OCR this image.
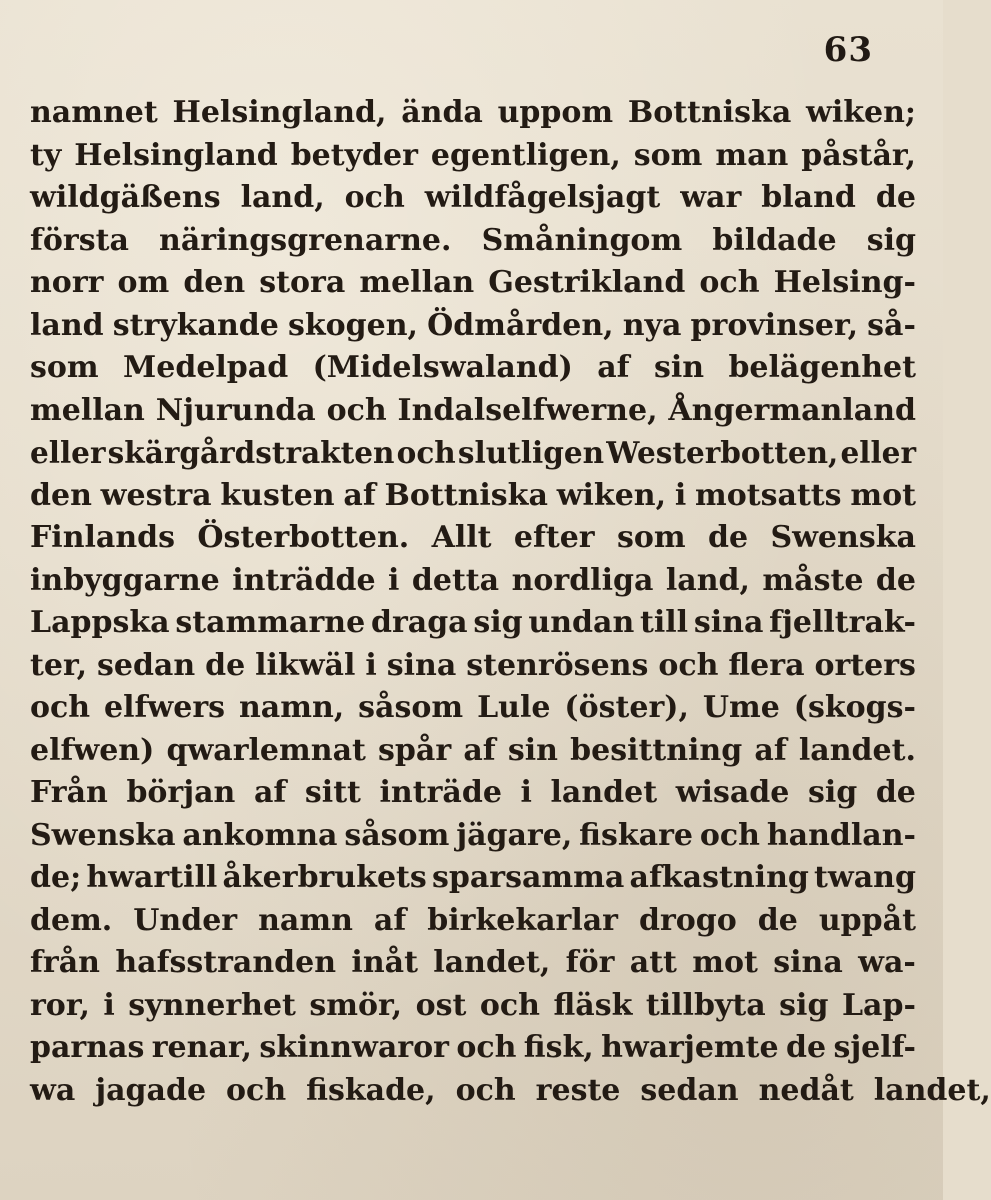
63
namnet Helsingland, ända uppom Bottniska wiken;
ty Helsingland betyder egentligen, som man påstår,
wildgäßens land, och wildfågelsjagt war bland de
första näringsgrenarne. Småningom bildade sig
norr om den stora mellan Gestrikland och Helsing-
land strykande skogen, Ödmården, nya provinser, så-
som Medelpad (Midelswaland) af sin belägenhet
mellan Njurunda och Indalselfwerne, Ångermanland
eller skärgårdstrakten och slutligen Westerbotten, eller
den westra kusten af Bottniska wiken, i motsatts mot
Finlands Österbotten. Allt efter som de Swenska
inbyggarne inträdde i detta nordliga land, måste de
Lappska stammarne draga sig undan till sina fjelltrak-
ter, sedan de likwäl i sina stenrösens och flera orters
och elfwers namn, såsom Lule (öster), Ume (skogs-
elfwen) qwarlemnat spår af sin besittning af landet.
Från början af sitt inträde i landet wisade sig de
Swenska ankomna såsom jägare, fiskare och handlan-
de; hwartill åkerbrukets sparsamma afkastning twang
dem. Under namn af birkekarlar drogo de uppåt
från hafsstranden inåt landet, för att mot sina wa-
ror, i synnerhet smör, ost och fläsk tillbyta sig Lap-
parnas renar, skinnwaror och fisk, hwarjemte de sjelf-
wa jagade och fiskade, och reste sedan nedåt landet,
